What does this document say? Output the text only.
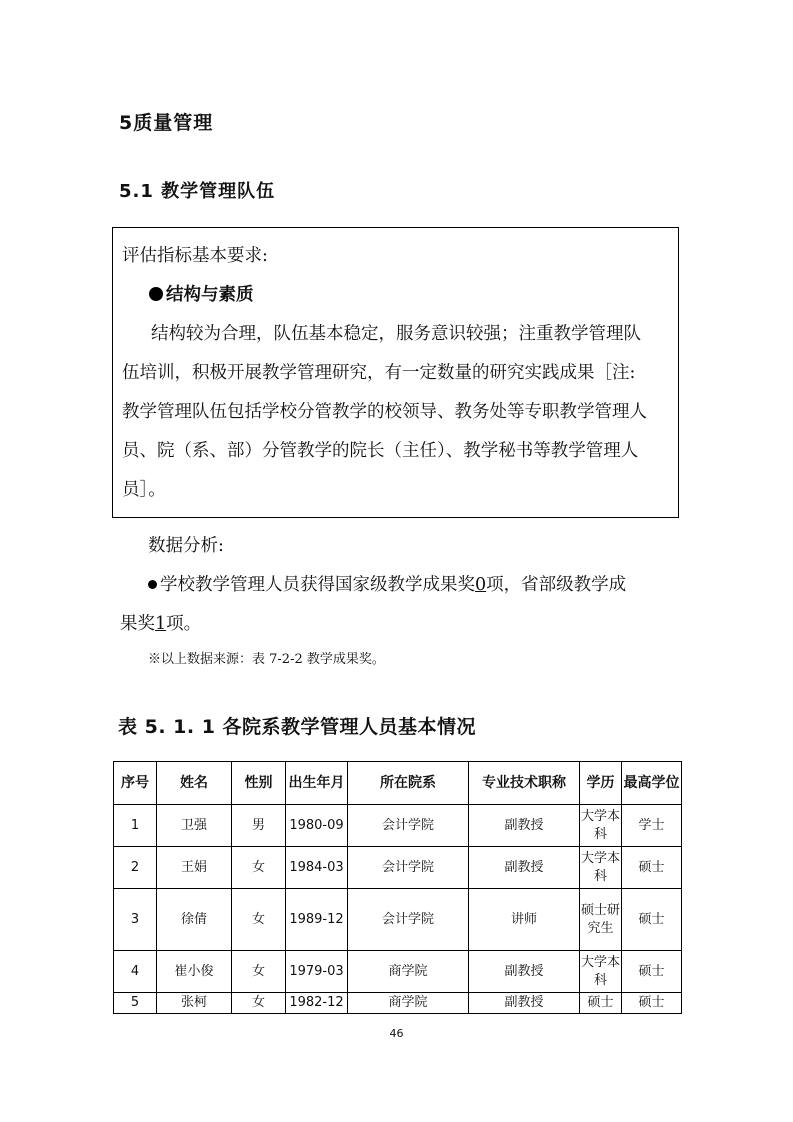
5质量管理
5.1 教学管理队伍
评估指标基本要求:
结构与素质
结构较为合理，队伍基本稳定，服务意识较强；注重教学管理队
伍培训，积极开展教学管理研究，有一定数量的研究实践成果［注:
教学管理队伍包括学校分管教学的校领导、教务处等专职教学管理人
员、院（系、部）分管教学的院长（主任）、教学秘书等教学管理人
员］。
数据分析:
学校教学管理人员获得国家级教学成果奖0项，省部级教学成
果奖1项。
※以上数据来源：表 7-2-2 教学成果奖。
表 5. 1. 1 各院系教学管理人员基本情况
序号	姓名	性别	出生年月	所在院系	专业技术职称	学历	最高学位
1	卫强	男	1980-09	会计学院	副教授	大学本科	学士
2	王娟	女	1984-03	会计学院	副教授	大学本科	硕士
3	徐倩	女	1989-12	会计学院	讲师	硕士研究生	硕士
4	崔小俊	女	1979-03	商学院	副教授	大学本科	硕士
5	张柯	女	1982-12	商学院	副教授	硕士	硕士
46
